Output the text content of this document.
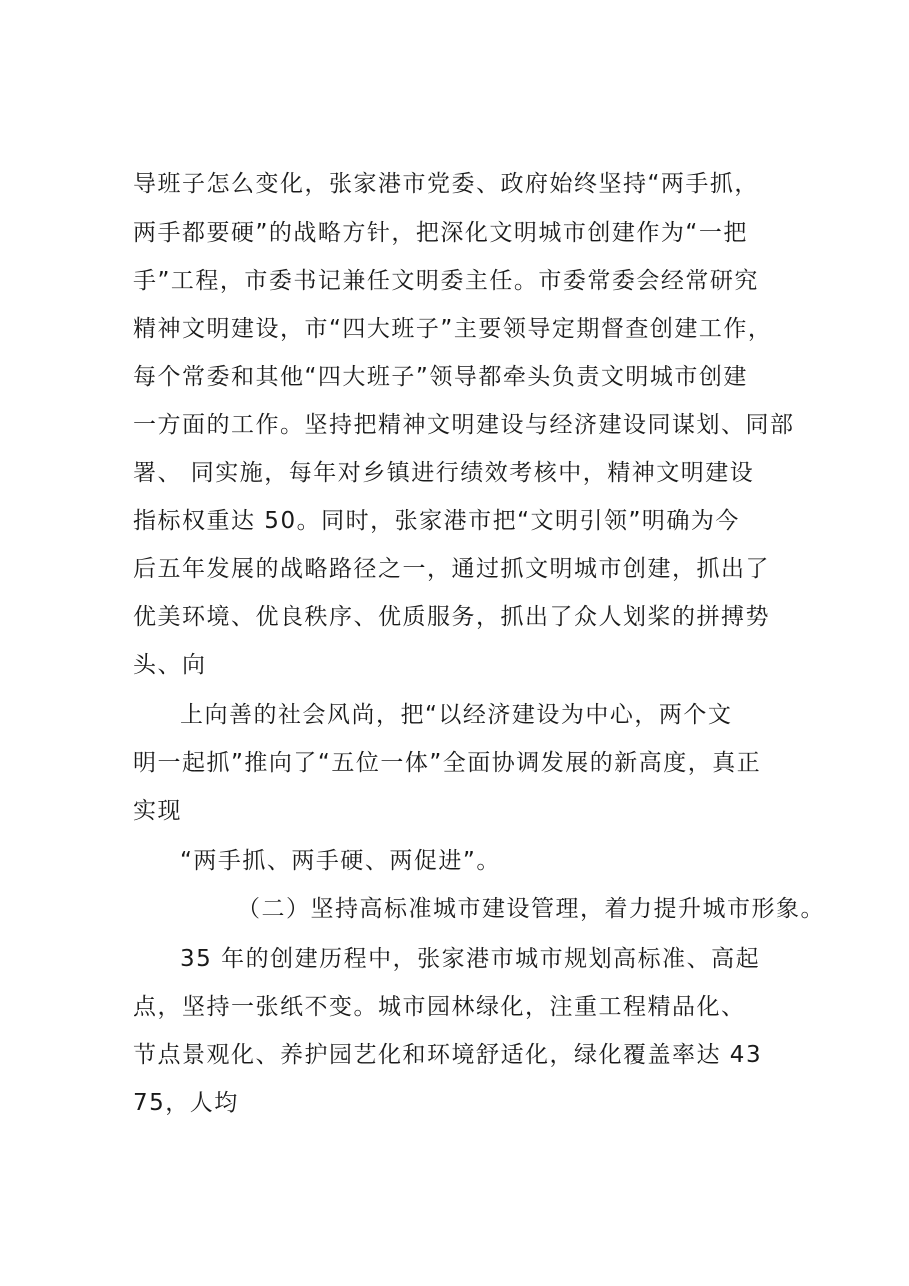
导班子怎么变化，张家港市党委、政府始终坚持“两手抓，
两手都要硬”的战略方针，把深化文明城市创建作为“一把
手”工程，市委书记兼任文明委主任。市委常委会经常研究
精神文明建设，市“四大班子”主要领导定期督查创建工作，
每个常委和其他“四大班子”领导都牵头负责文明城市创建
一方面的工作。坚持把精神文明建设与经济建设同谋划、同部
署、 同实施，每年对乡镇进行绩效考核中，精神文明建设
指标权重达 50。同时，张家港市把“文明引领”明确为今
后五年发展的战略路径之一，通过抓文明城市创建，抓出了
优美环境、优良秩序、优质服务，抓出了众人划桨的拼搏势
头、向
上向善的社会风尚，把“以经济建设为中心，两个文
明一起抓”推向了“五位一体”全面协调发展的新高度，真正
实现
“两手抓、两手硬、两促进”。
（二）坚持高标准城市建设管理，着力提升城市形象。
35 年的创建历程中，张家港市城市规划高标准、高起
点，坚持一张纸不变。城市园林绿化，注重工程精品化、
节点景观化、养护园艺化和环境舒适化，绿化覆盖率达 43
75，人均
